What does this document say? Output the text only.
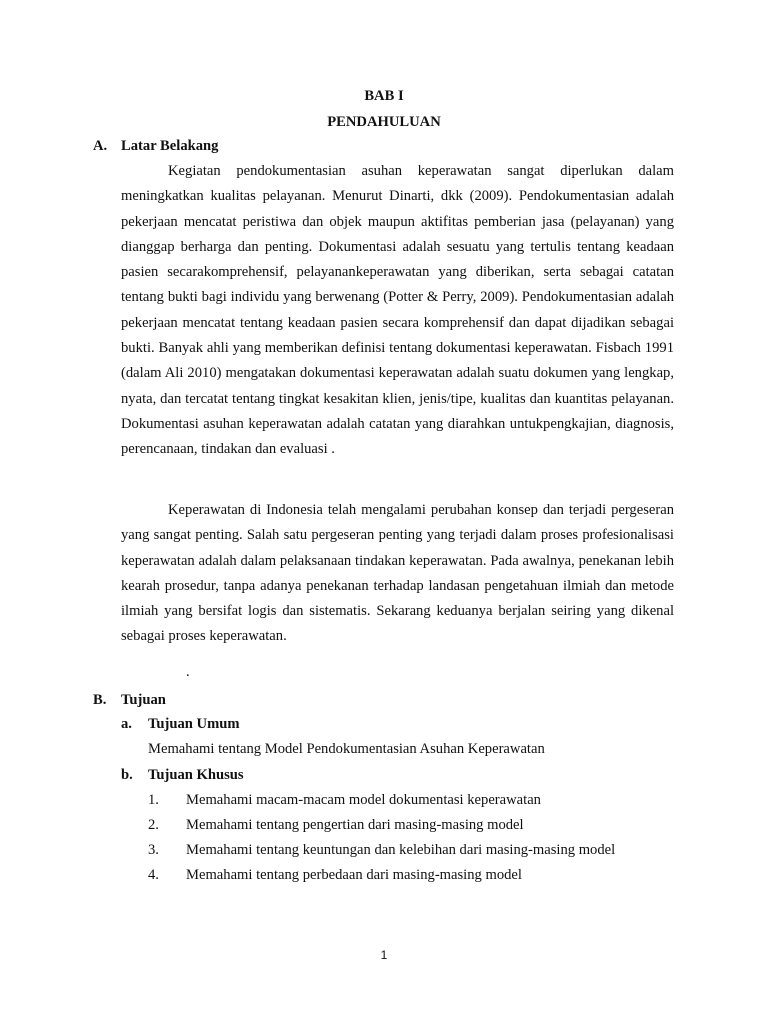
BAB I
PENDAHULUAN
A. Latar Belakang

Kegiatan pendokumentasian asuhan keperawatan sangat diperlukan dalam meningkatkan kualitas pelayanan. Menurut Dinarti, dkk (2009). Pendokumentasian adalah pekerjaan mencatat peristiwa dan objek maupun aktifitas pemberian jasa (pelayanan) yang dianggap berharga dan penting. Dokumentasi adalah sesuatu yang tertulis tentang keadaan pasien secarakomprehensif, pelayanankeperawatan yang diberikan, serta sebagai catatan tentang bukti bagi individu yang berwenang (Potter & Perry, 2009). Pendokumentasian adalah pekerjaan mencatat tentang keadaan pasien secara komprehensif dan dapat dijadikan sebagai bukti. Banyak ahli yang memberikan definisi tentang dokumentasi keperawatan. Fisbach 1991 (dalam Ali 2010) mengatakan dokumentasi keperawatan adalah suatu dokumen yang lengkap, nyata, dan tercatat tentang tingkat kesakitan klien, jenis/tipe, kualitas dan kuantitas pelayanan. Dokumentasi asuhan keperawatan adalah catatan yang diarahkan untukpengkajian, diagnosis, perencanaan, tindakan dan evaluasi .

Keperawatan di Indonesia telah mengalami perubahan konsep dan terjadi pergeseran yang sangat penting. Salah satu pergeseran penting yang terjadi dalam proses profesionalisasi keperawatan adalah dalam pelaksanaan tindakan keperawatan. Pada awalnya, penekanan lebih kearah prosedur, tanpa adanya penekanan terhadap landasan pengetahuan ilmiah dan metode ilmiah yang bersifat logis dan sistematis. Sekarang keduanya berjalan seiring yang dikenal sebagai proses keperawatan.

.
B. Tujuan
a. Tujuan Umum
Memahami tentang Model Pendokumentasian Asuhan Keperawatan
b. Tujuan Khusus
1. Memahami macam-macam model dokumentasi keperawatan
2. Memahami tentang pengertian dari masing-masing model
3. Memahami tentang keuntungan dan kelebihan dari masing-masing model
4. Memahami tentang perbedaan dari masing-masing model
1
